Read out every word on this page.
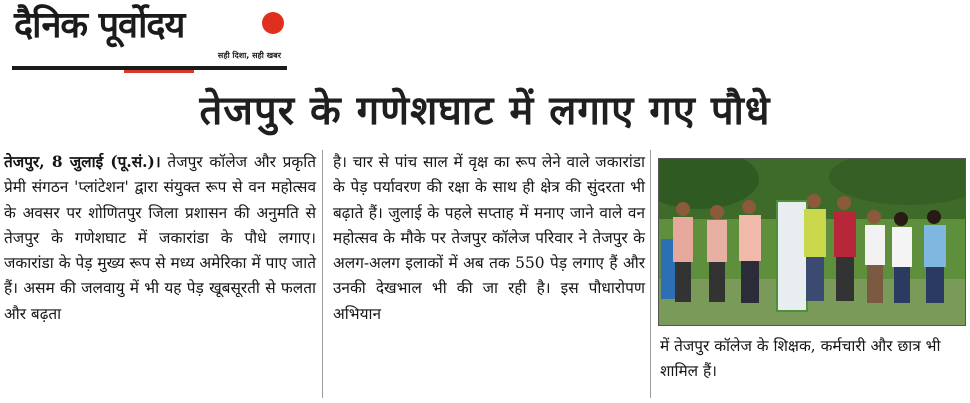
दैनिक पूर्वोदय
सही दिशा, सही खबर
तेजपुर के गणेशघाट में लगाए गए पौधे
तेजपुर, 8 जुलाई (पू.सं.)। तेजपुर कॉलेज और प्रकृति प्रेमी संगठन 'प्लांटेशन' द्वारा संयुक्त रूप से वन महोत्सव के अवसर पर शोणितपुर जिला प्रशासन की अनुमति से तेजपुर के गणेशघाट में जकारांडा के पौधे लगाए। जकारांडा के पेड़ मुख्य रूप से मध्य अमेरिका में पाए जाते हैं। असम की जलवायु में भी यह पेड़ खूबसूरती से फलता और बढ़ता
है। चार से पांच साल में वृक्ष का रूप लेने वाले जकारांडा के पेड़ पर्यावरण की रक्षा के साथ ही क्षेत्र की सुंदरता भी बढ़ाते हैं। जुलाई के पहले सप्ताह में मनाए जाने वाले वन महोत्सव के मौके पर तेजपुर कॉलेज परिवार ने तेजपुर के अलग-अलग इलाकों में अब तक 550 पेड़ लगाए हैं और उनकी देखभाल भी की जा रही है। इस पौधारोपण अभियान
में तेजपुर कॉलेज के शिक्षक, कर्मचारी और छात्र भी शामिल हैं।
